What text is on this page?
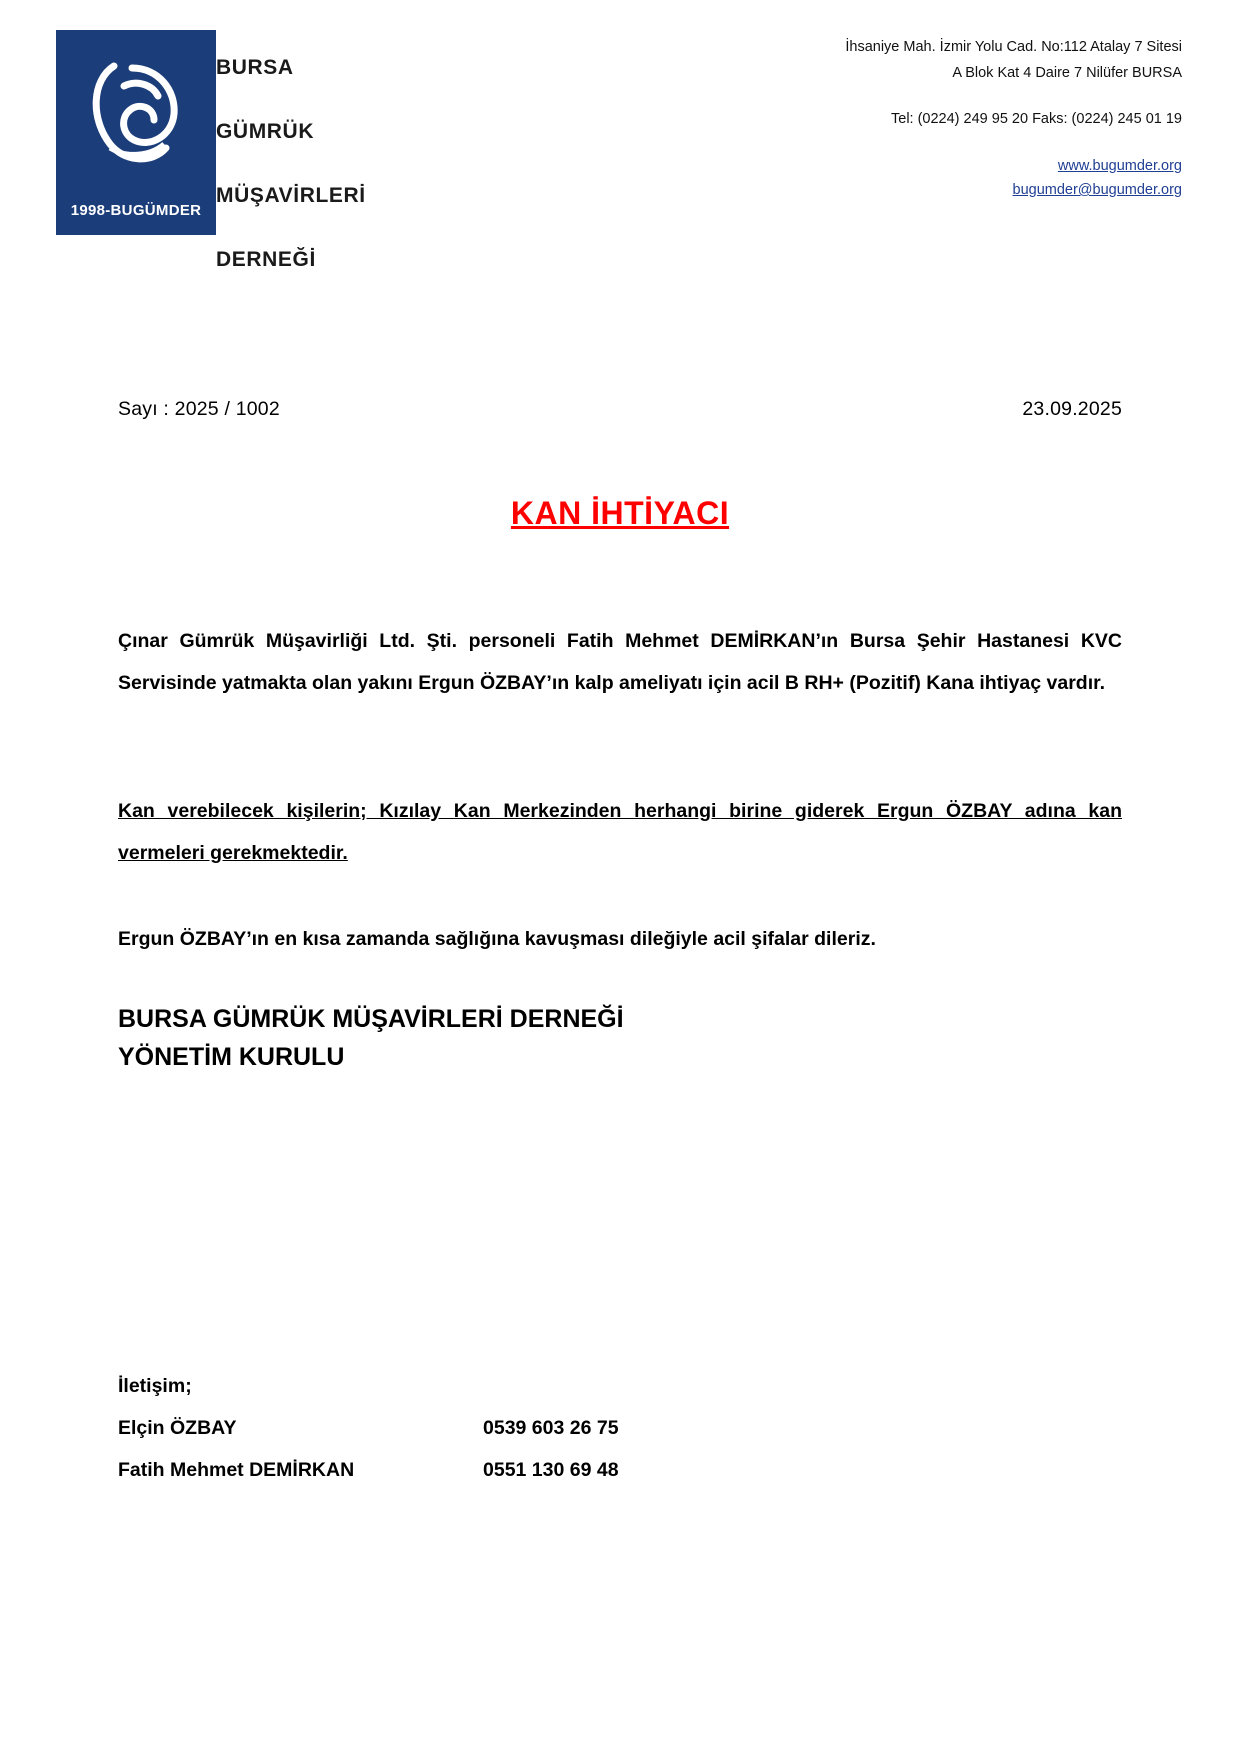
1998-BUGÜMDER
BURSA
GÜMRÜK
MÜŞAVİRLERİ
DERNEĞİ
İhsaniye Mah. İzmir Yolu Cad. No:112 Atalay 7 Sitesi
A Blok Kat 4 Daire 7 Nilüfer BURSA
Tel: (0224) 249 95 20 Faks: (0224) 245 01 19
www.bugumder.org
bugumder@bugumder.org
Sayı : 2025 / 1002	23.09.2025
KAN İHTİYACI

Çınar Gümrük Müşavirliği Ltd. Şti. personeli Fatih Mehmet DEMİRKAN’ın Bursa Şehir Hastanesi KVC Servisinde yatmakta olan yakını Ergun ÖZBAY’ın kalp ameliyatı için acil B RH+ (Pozitif) Kana ihtiyaç vardır.

Kan verebilecek kişilerin; Kızılay Kan Merkezinden herhangi birine giderek Ergun ÖZBAY adına kan vermeleri gerekmektedir.

Ergun ÖZBAY’ın en kısa zamanda sağlığına kavuşması dileğiyle acil şifalar dileriz.

BURSA GÜMRÜK MÜŞAVİRLERİ DERNEĞİ
YÖNETİM KURULU
İletişim;
Elçin ÖZBAY	0539 603 26 75
Fatih Mehmet DEMİRKAN	0551 130 69 48
